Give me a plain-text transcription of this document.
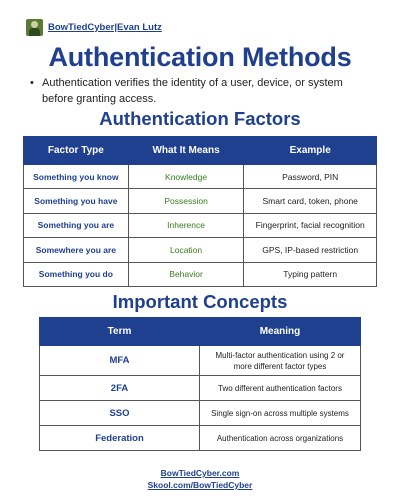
BowTiedCyber|Evan Lutz
Authentication Methods
• Authentication verifies the identity of a user, device, or system before granting access.
Authentication Factors
Factor Type	What It Means	Example
Something you know	Knowledge	Password, PIN
Something you have	Possession	Smart card, token, phone
Something you are	Inherence	Fingerprint, facial recognition
Somewhere you are	Location	GPS, IP-based restriction
Something you do	Behavior	Typing pattern
Important Concepts
Term	Meaning
MFA	Multi-factor authentication using 2 or more different factor types
2FA	Two different authentication factors
SSO	Single sign-on across multiple systems
Federation	Authentication across organizations
BowTiedCyber.com
Skool.com/BowTiedCyber
